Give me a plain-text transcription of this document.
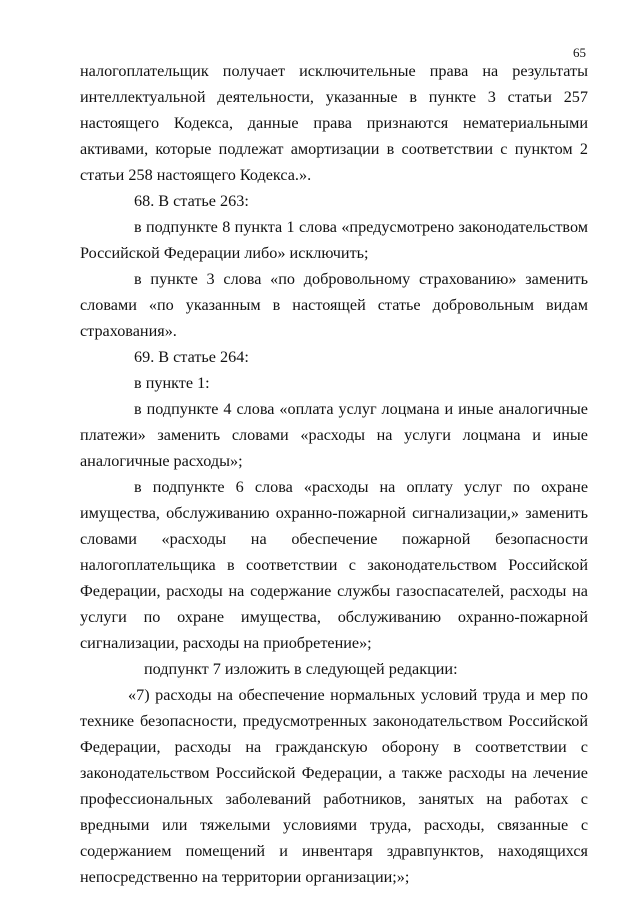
65

налогоплательщик получает исключительные права на результаты интеллектуальной деятельности, указанные в пункте 3 статьи 257 настоящего Кодекса, данные права признаются нематериальными активами, которые подлежат амортизации в соответствии с пунктом 2 статьи 258 настоящего Кодекса.».

68. В статье 263:

в подпункте 8 пункта 1 слова «предусмотрено законодательством Российской Федерации либо» исключить;

в пункте 3 слова «по добровольному страхованию» заменить словами «по указанным в настоящей статье добровольным видам страхования».

69. В статье 264:

в пункте 1:

в подпункте 4 слова «оплата услуг лоцмана и иные аналогичные платежи» заменить словами «расходы на услуги лоцмана и иные аналогичные расходы»;

в подпункте 6 слова «расходы на оплату услуг по охране имущества, обслуживанию охранно-пожарной сигнализации,» заменить словами «расходы на обеспечение пожарной безопасности налогоплательщика в соответствии с законодательством Российской Федерации, расходы на содержание службы газоспасателей, расходы на услуги по охране имущества, обслуживанию охранно-пожарной сигнализации, расходы на приобретение»;

подпункт 7 изложить в следующей редакции:

«7) расходы на обеспечение нормальных условий труда и мер по технике безопасности, предусмотренных законодательством Российской Федерации, расходы на гражданскую оборону в соответствии с законодательством Российской Федерации, а также расходы на лечение профессиональных заболеваний работников, занятых на работах с вредными или тяжелыми условиями труда, расходы, связанные с содержанием помещений и инвентаря здравпунктов, находящихся непосредственно на территории организации;»;
